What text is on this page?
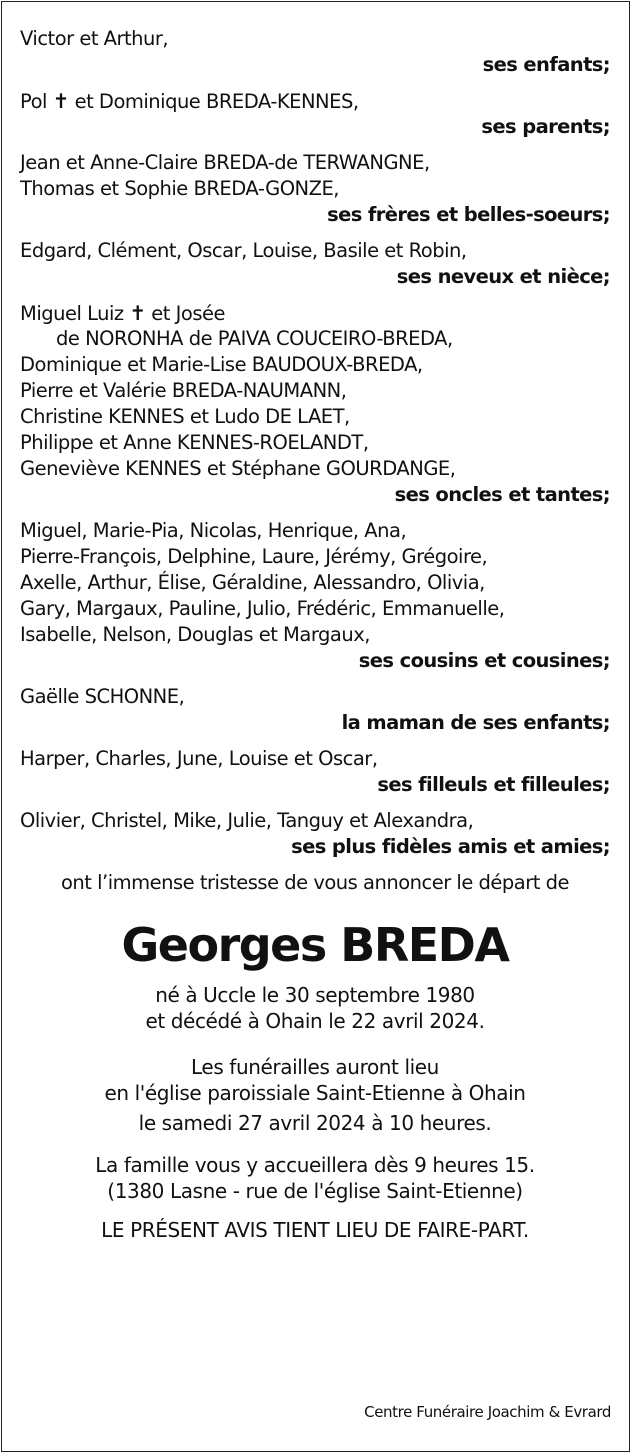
Victor et Arthur,
ses enfants;
Pol ✝ et Dominique BREDA-KENNES,
ses parents;
Jean et Anne-Claire BREDA-de TERWANGNE,
Thomas et Sophie BREDA-GONZE,
ses frères et belles-soeurs;
Edgard, Clément, Oscar, Louise, Basile et Robin,
ses neveux et nièce;
Miguel Luiz ✝ et Josée
de NORONHA de PAIVA COUCEIRO-BREDA,
Dominique et Marie-Lise BAUDOUX-BREDA,
Pierre et Valérie BREDA-NAUMANN,
Christine KENNES et Ludo DE LAET,
Philippe et Anne KENNES-ROELANDT,
Geneviève KENNES et Stéphane GOURDANGE,
ses oncles et tantes;
Miguel, Marie-Pia, Nicolas, Henrique, Ana,
Pierre-François, Delphine, Laure, Jérémy, Grégoire,
Axelle, Arthur, Élise, Géraldine, Alessandro, Olivia,
Gary, Margaux, Pauline, Julio, Frédéric, Emmanuelle,
Isabelle, Nelson, Douglas et Margaux,
ses cousins et cousines;
Gaëlle SCHONNE,
la maman de ses enfants;
Harper, Charles, June, Louise et Oscar,
ses filleuls et filleules;
Olivier, Christel, Mike, Julie, Tanguy et Alexandra,
ses plus fidèles amis et amies;
ont l’immense tristesse de vous annoncer le départ de
Georges BREDA
né à Uccle le 30 septembre 1980
et décédé à Ohain le 22 avril 2024.
Les funérailles auront lieu
en l'église paroissiale Saint-Etienne à Ohain
le samedi 27 avril 2024 à 10 heures.
La famille vous y accueillera dès 9 heures 15.
(1380 Lasne - rue de l'église Saint-Etienne)
LE PRÉSENT AVIS TIENT LIEU DE FAIRE-PART.
Centre Funéraire Joachim & Evrard
